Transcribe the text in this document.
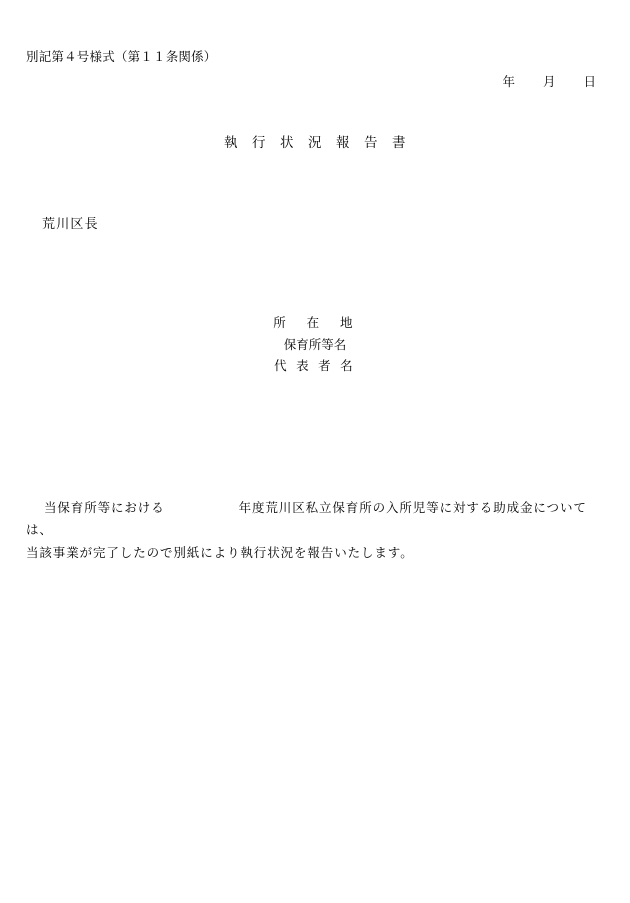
別記第４号様式（第１１条関係）
年 月 日
執 行 状 況 報 告 書
荒川区長
所　在　地
保育所等名
代 表 者 名
当保育所等における	年度荒川区私立保育所の入所児等に対する助成金については、
当該事業が完了したので別紙により執行状況を報告いたします。
